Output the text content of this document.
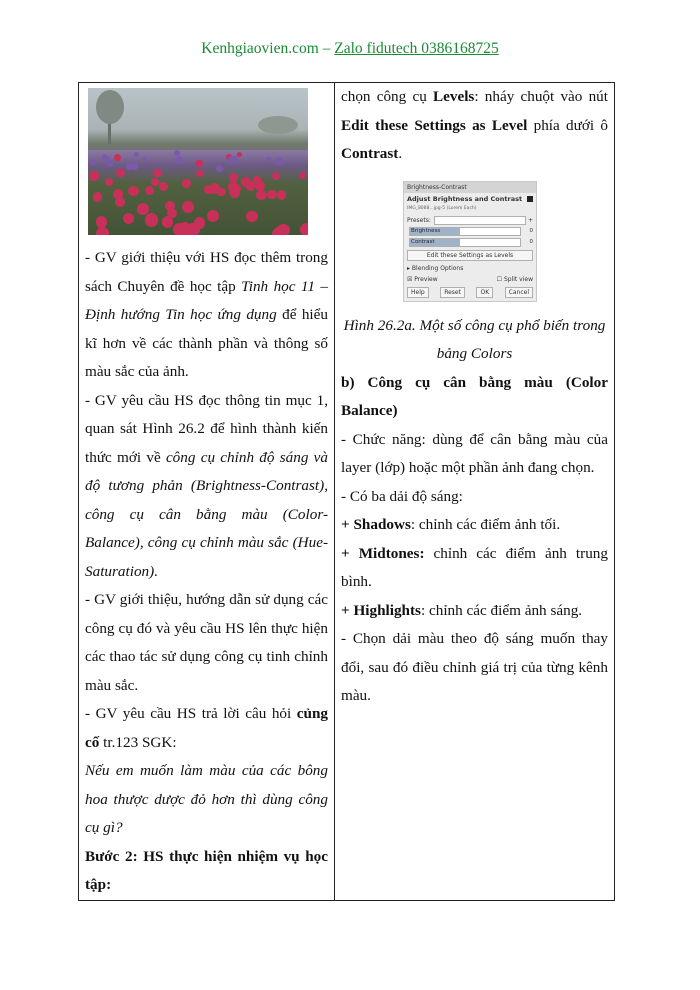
Kenhgiaovien.com – Zalo fidutech 0386168725

- GV giới thiệu với HS đọc thêm trong sách Chuyên đề học tập Tinh học 11 – Định hướng Tin học ứng dụng để hiểu kĩ hơn về các thành phần và thông số màu sắc của ảnh.

- GV yêu cầu HS đọc thông tin mục 1, quan sát Hình 26.2 để hình thành kiến thức mới về công cụ chỉnh độ sáng và độ tương phản (Brightness-Contrast), công cụ cân bằng màu (Color-Balance), công cụ chỉnh màu sắc (Hue-Saturation).

- GV giới thiệu, hướng dẫn sử dụng các công cụ đó và yêu cầu HS lên thực hiện các thao tác sử dụng công cụ tinh chỉnh màu sắc.

- GV yêu cầu HS trả lời câu hỏi củng cố tr.123 SGK:

Nếu em muốn làm màu của các bông hoa thược dược đỏ hơn thì dùng công cụ gì?

Bước 2: HS thực hiện nhiệm vụ học tập:

chọn công cụ Levels: nháy chuột vào nút Edit these Settings as Level phía dưới ô Contrast.

Brightness-Contrast
Adjust Brightness and Contrast
IMG_8088...jpg-5 (Lorem Each)
Presets:	+
Brightness	0
Contrast	0
Edit these Settings as Levels
▸ Blending Options
☒ Preview	☐ Split view
Help	Reset	OK	Cancel

Hình 26.2a. Một số công cụ phổ biến trong bảng Colors

b) Công cụ cân bằng màu (Color Balance)

- Chức năng: dùng để cân bằng màu của layer (lớp) hoặc một phần ảnh đang chọn.

- Có ba dải độ sáng:

+ Shadows: chỉnh các điểm ảnh tối.

+ Midtones: chỉnh các điểm ảnh trung bình.

+ Highlights: chỉnh các điểm ảnh sáng.

- Chọn dải màu theo độ sáng muốn thay đổi, sau đó điều chỉnh giá trị của từng kênh màu.
